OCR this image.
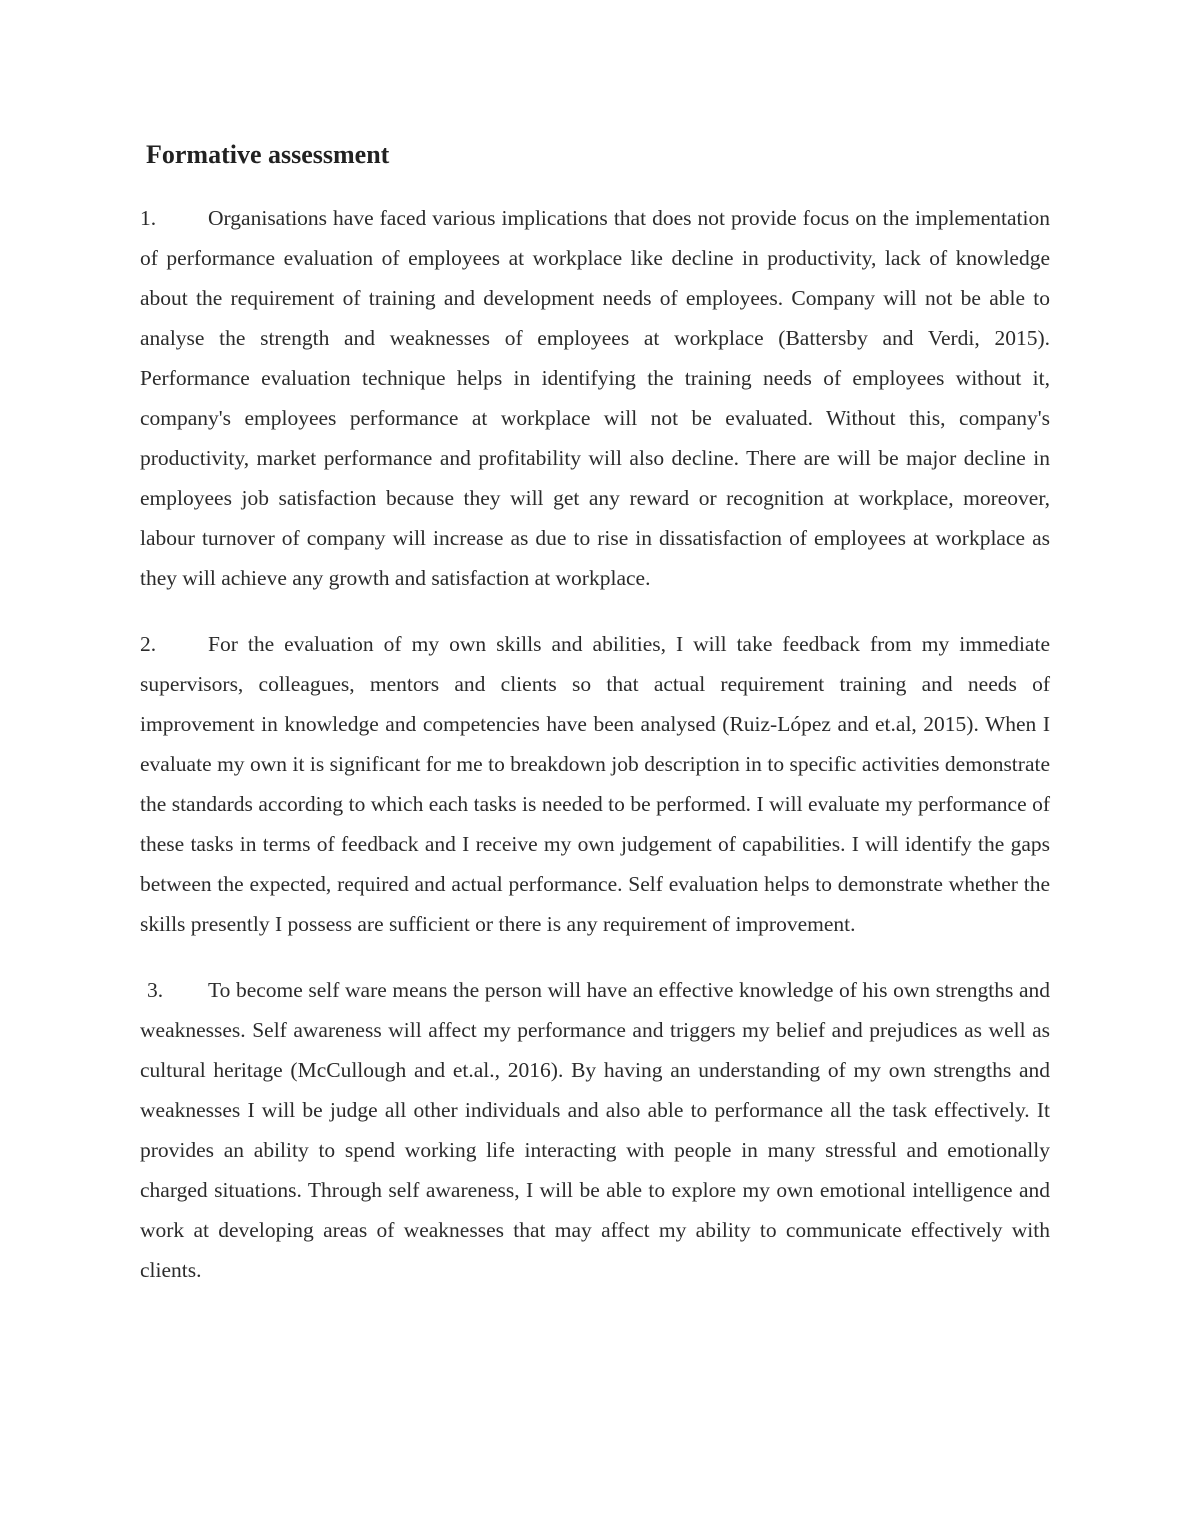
Formative assessment

1. Organisations have faced various implications that does not provide focus on the implementation of performance evaluation of employees at workplace like decline in productivity, lack of knowledge about the requirement of training and development needs of employees. Company will not be able to analyse the strength and weaknesses of employees at workplace (Battersby and Verdi, 2015). Performance evaluation technique helps in identifying the training needs of employees without it, company's employees performance at workplace will not be evaluated. Without this, company's productivity, market performance and profitability will also decline. There are will be major decline in employees job satisfaction because they will get any reward or recognition at workplace, moreover, labour turnover of company will increase as due to rise in dissatisfaction of employees at workplace as they will achieve any growth and satisfaction at workplace.

2. For the evaluation of my own skills and abilities, I will take feedback from my immediate supervisors, colleagues, mentors and clients so that actual requirement training and needs of improvement in knowledge and competencies have been analysed (Ruiz-López and et.al, 2015). When I evaluate my own it is significant for me to breakdown job description in to specific activities demonstrate the standards according to which each tasks is needed to be performed. I will evaluate my performance of these tasks in terms of feedback and I receive my own judgement of capabilities. I will identify the gaps between the expected, required and actual performance. Self evaluation helps to demonstrate whether the skills presently I possess are sufficient or there is any requirement of improvement.

3. To become self ware means the person will have an effective knowledge of his own strengths and weaknesses. Self awareness will affect my performance and triggers my belief and prejudices as well as cultural heritage (McCullough and et.al., 2016). By having an understanding of my own strengths and weaknesses I will be judge all other individuals and also able to performance all the task effectively. It provides an ability to spend working life interacting with people in many stressful and emotionally charged situations. Through self awareness, I will be able to explore my own emotional intelligence and work at developing areas of weaknesses that may affect my ability to communicate effectively with clients.
